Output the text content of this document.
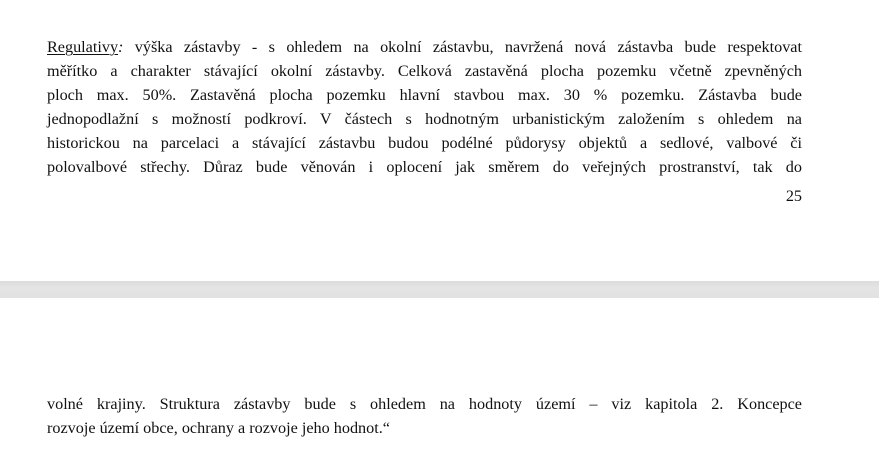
Regulativy: výška zástavby - s ohledem na okolní zástavbu, navržená nová zástavba bude respektovat
měřítko a charakter stávající okolní zástavby. Celková zastavěná plocha pozemku včetně zpevněných
ploch max. 50%. Zastavěná plocha pozemku hlavní stavbou max. 30 % pozemku. Zástavba bude
jednopodlažní s možností podkroví. V částech s hodnotným urbanistickým založením s ohledem na
historickou na parcelaci a stávající zástavbu budou podélné půdorysy objektů a sedlové, valbové či
polovalbové střechy. Důraz bude věnován i oplocení jak směrem do veřejných prostranství, tak do

25

volné krajiny. Struktura zástavby bude s ohledem na hodnoty území – viz kapitola 2. Koncepce
rozvoje území obce, ochrany a rozvoje jeho hodnot.“
